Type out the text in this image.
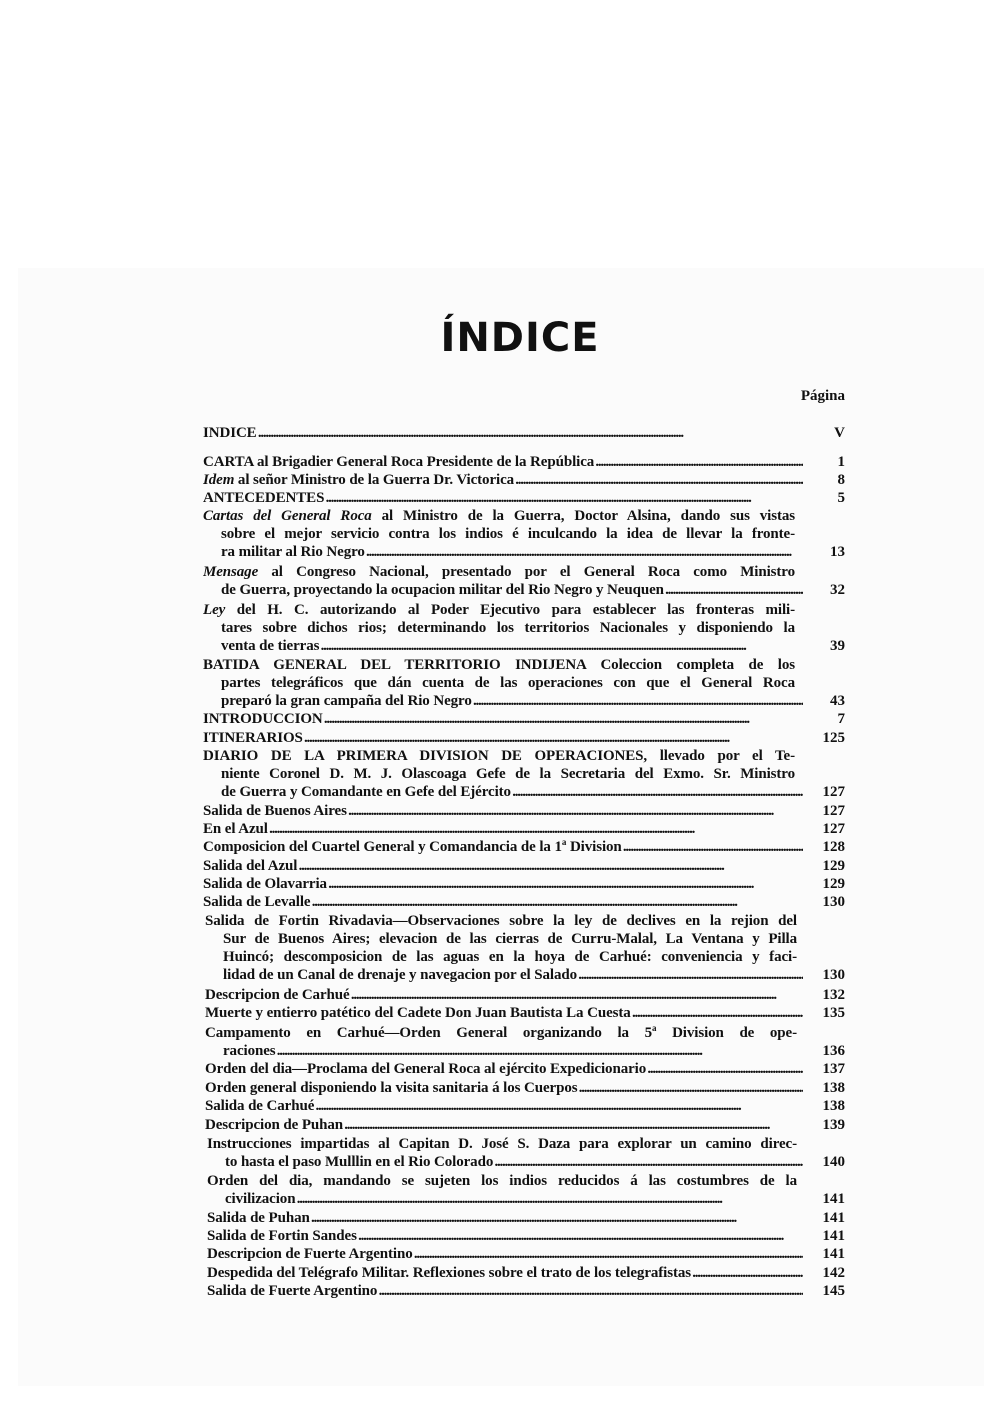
ÍNDICE
Página
INDICE . . .	V
CARTA al Brigadier General Roca Presidente de la República . . .	1
Idem al señor Ministro de la Guerra Dr. Victorica . . .	8
ANTECEDENTES . . .	5
Cartas del General Roca al Ministro de la Guerra, Doctor Alsina, dando sus vistas
sobre el mejor servicio contra los indios é inculcando la idea de llevar la fronte-
ra militar al Rio Negro . . .	13
Mensage al Congreso Nacional, presentado por el General Roca como Ministro
de Guerra, proyectando la ocupacion militar del Rio Negro y Neuquen . . .	32
Ley del H. C. autorizando al Poder Ejecutivo para establecer las fronteras mili-
tares sobre dichos rios; determinando los territorios Nacionales y disponiendo la
venta de tierras . . .	39
BATIDA GENERAL DEL TERRITORIO INDIJENA Coleccion completa de los
partes telegráficos que dán cuenta de las operaciones con que el General Roca
preparó la gran campaña del Rio Negro . . .	43
INTRODUCCION . . .	7
ITINERARIOS . . .	125
DIARIO DE LA PRIMERA DIVISION DE OPERACIONES, llevado por el Te-
niente Coronel D. M. J. Olascoaga Gefe de la Secretaria del Exmo. Sr. Ministro
de Guerra y Comandante en Gefe del Ejército . . .	127
Salida de Buenos Aires . . .	127
En el Azul . . .	127
Composicion del Cuartel General y Comandancia de la 1$^a$ Division . . .	128
Salida del Azul . . .	129
Salida de Olavarria . . .	129
Salida de Levalle . . .	130
Salida de Fortin Rivadavia—Observaciones sobre la ley de declives en la rejion del
Sur de Buenos Aires; elevacion de las cierras de Curru-Malal, La Ventana y Pilla
Huincó; descomposicion de las aguas en la hoya de Carhué: conveniencia y faci-
lidad de un Canal de drenaje y navegacion por el Salado . . .	130
Descripcion de Carhué . . .	132
Muerte y entierro patético del Cadete Don Juan Bautista La Cuesta . . .	135
Campamento en Carhué—Orden General organizando la 5$^a$ Division de ope-
raciones . . .	136
Orden del dia—Proclama del General Roca al ejército Expedicionario . . .	137
Orden general disponiendo la visita sanitaria á los Cuerpos . . .	138
Salida de Carhué . . .	138
Descripcion de Puhan . . .	139
Instrucciones impartidas al Capitan D. José S. Daza para explorar un camino direc-
to hasta el paso Mulllin en el Rio Colorado . . .	140
Orden del dia, mandando se sujeten los indios reducidos á las costumbres de la
civilizacion . . .	141
Salida de Puhan . . .	141
Salida de Fortin Sandes . . .	141
Descripcion de Fuerte Argentino . . .	141
Despedida del Telégrafo Militar. Reflexiones sobre el trato de los telegrafistas . . .	142
Salida de Fuerte Argentino . . .	145
